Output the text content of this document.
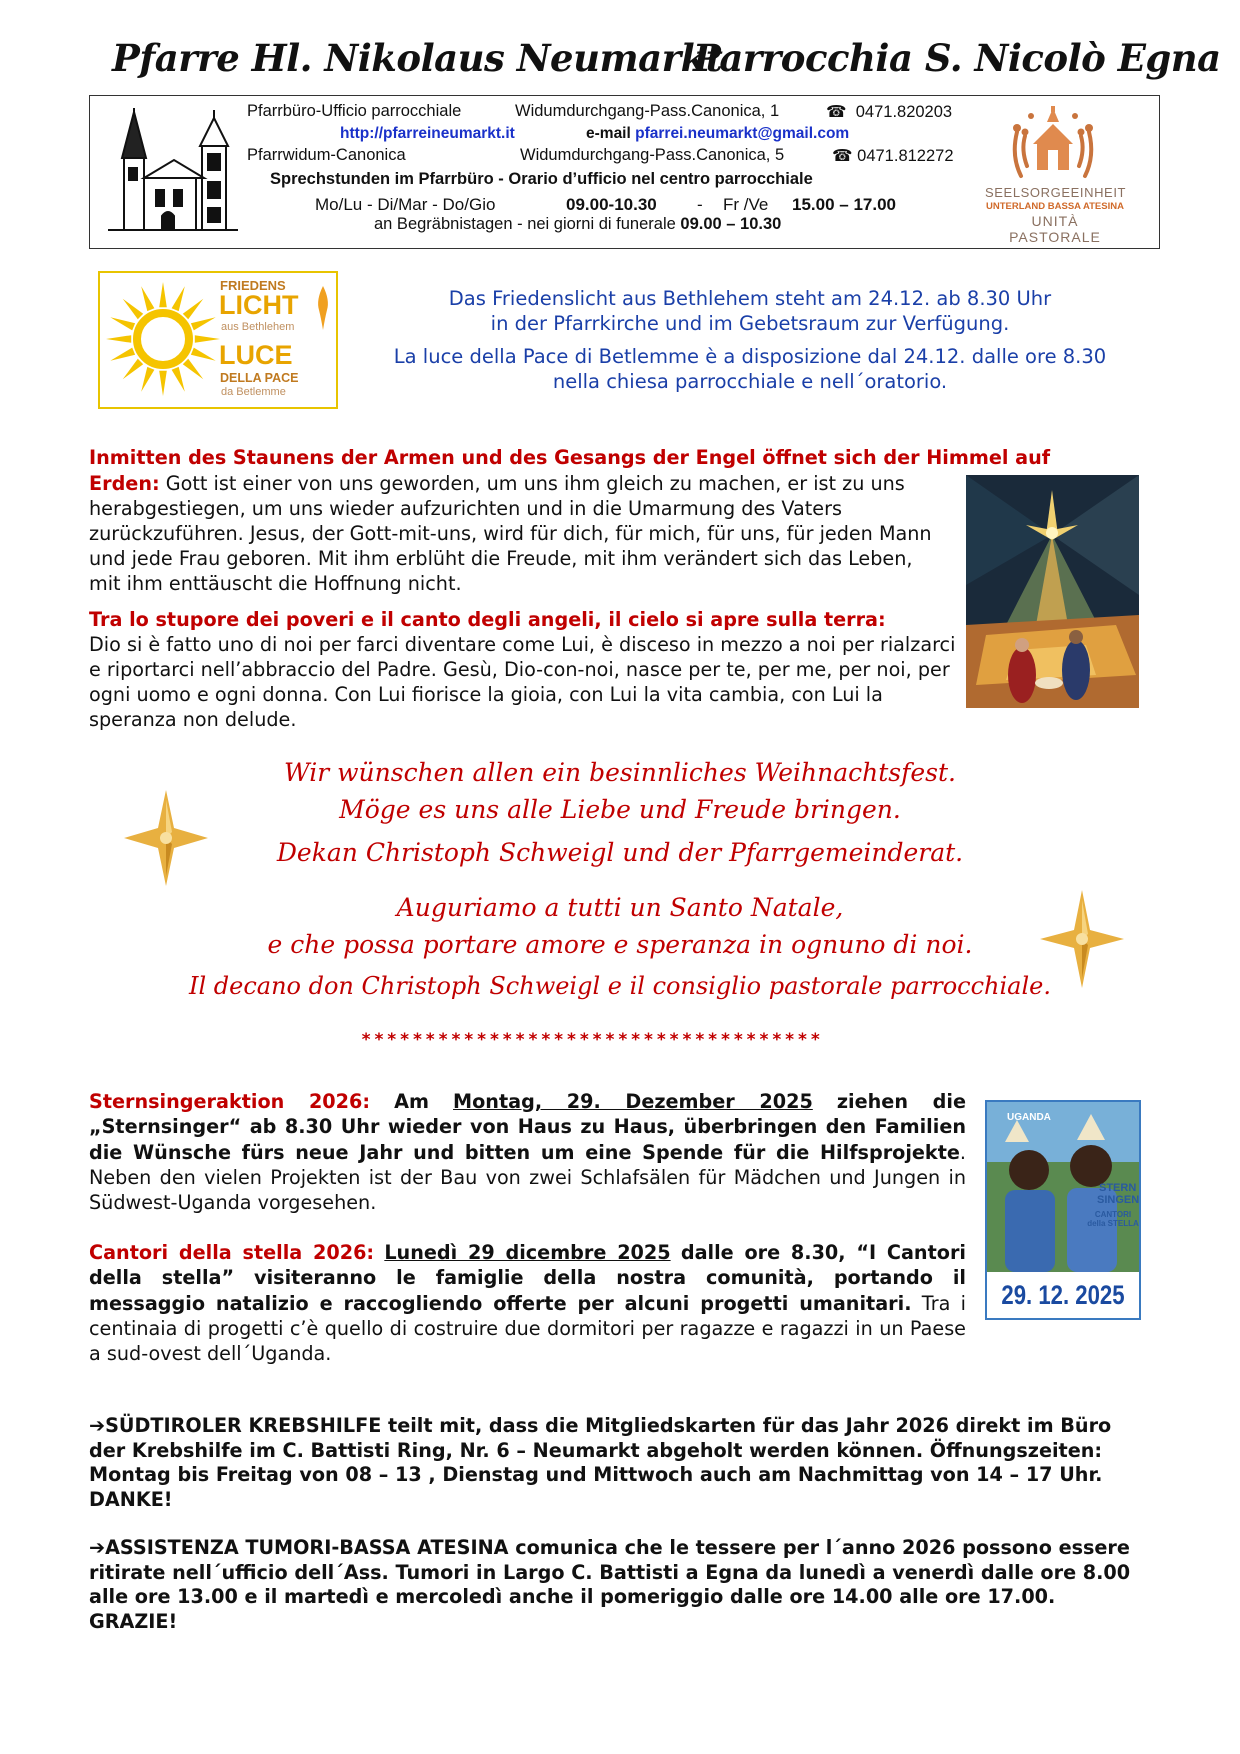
Pfarre Hl. Nikolaus Neumarkt
Parrocchia S. Nicolò Egna
Pfarrbüro-Ufficio parrocchiale	Widumdurchgang-Pass.Canonica, 1	☎ 0471.820203
http://pfarreineumarkt.it	e-mail pfarrei.neumarkt@gmail.com
Pfarrwidum-Canonica	Widumdurchgang-Pass.Canonica, 5	☎ 0471.812272
Sprechstunden im Pfarrbüro - Orario d’ufficio nel centro parrocchiale
Mo/Lu - Di/Mar - Do/Gio	09.00-10.30 - Fr /Ve 15.00 – 17.00
an Begräbnistagen - nei giorni di funerale 09.00 – 10.30
SEELSORGEEINHEIT
UNTERLAND BASSA ATESINA
UNITÀ PASTORALE
FRIEDENS
LICHT
aus Bethlehem
LUCE
DELLA PACE
da Betlemme
Das Friedenslicht aus Bethlehem steht am 24.12. ab 8.30 Uhr
in der Pfarrkirche und im Gebetsraum zur Verfügung.
La luce della Pace di Betlemme è a disposizione dal 24.12. dalle ore 8.30
nella chiesa parrocchiale e nell´oratorio.
Inmitten des Staunens der Armen und des Gesangs der Engel öffnet sich der Himmel auf
Erden: Gott ist einer von uns geworden, um uns ihm gleich zu machen, er ist zu uns herabgestiegen, um uns wieder aufzurichten und in die Umarmung des Vaters zurückzuführen. Jesus, der Gott-mit-uns, wird für dich, für mich, für uns, für jeden Mann und jede Frau geboren. Mit ihm erblüht die Freude, mit ihm verändert sich das Leben, mit ihm enttäuscht die Hoffnung nicht.
Tra lo stupore dei poveri e il canto degli angeli, il cielo si apre sulla terra:
Dio si è fatto uno di noi per farci diventare come Lui, è disceso in mezzo a noi per rialzarci e riportarci nell’abbraccio del Padre. Gesù, Dio-con-noi, nasce per te, per me, per noi, per ogni uomo e ogni donna. Con Lui fiorisce la gioia, con Lui la vita cambia, con Lui la speranza non delude.
Wir wünschen allen ein besinnliches Weihnachtsfest.
Möge es uns alle Liebe und Freude bringen.
Dekan Christoph Schweigl und der Pfarrgemeinderat.
Auguriamo a tutti un Santo Natale,
e che possa portare amore e speranza in ognuno di noi.
Il decano don Christoph Schweigl e il consiglio pastorale parrocchiale.
************************************
Sternsingeraktion 2026: Am Montag, 29. Dezember 2025 ziehen die „Sternsinger“ ab 8.30 Uhr wieder von Haus zu Haus, überbringen den Familien die Wünsche fürs neue Jahr und bitten um eine Spende für die Hilfsprojekte. Neben den vielen Projekten ist der Bau von zwei Schlafsälen für Mädchen und Jungen in Südwest-Uganda vorgesehen.
Cantori della stella 2026: Lunedì 29 dicembre 2025 dalle ore 8.30, “I Cantori della stella” visiteranno le famiglie della nostra comunità, portando il messaggio natalizio e raccogliendo offerte per alcuni progetti umanitari. Tra i centinaia di progetti c’è quello di costruire due dormitori per ragazze e ragazzi in un Paese a sud-ovest dell´Uganda.
UGANDA
STERN
SINGEN
CANTORI della STELLA
29. 12. 2025
➔SÜDTIROLER KREBSHILFE teilt mit, dass die Mitgliedskarten für das Jahr 2026 direkt im Büro der Krebshilfe im C. Battisti Ring, Nr. 6 – Neumarkt abgeholt werden können. Öffnungszeiten: Montag bis Freitag von 08 – 13 , Dienstag und Mittwoch auch am Nachmittag von 14 – 17 Uhr. DANKE!
➔ASSISTENZA TUMORI-BASSA ATESINA comunica che le tessere per l´anno 2026 possono essere ritirate nell´ufficio dell´Ass. Tumori in Largo C. Battisti a Egna da lunedì a venerdì dalle ore 8.00 alle ore 13.00 e il martedì e mercoledì anche il pomeriggio dalle ore 14.00 alle ore 17.00. GRAZIE!
